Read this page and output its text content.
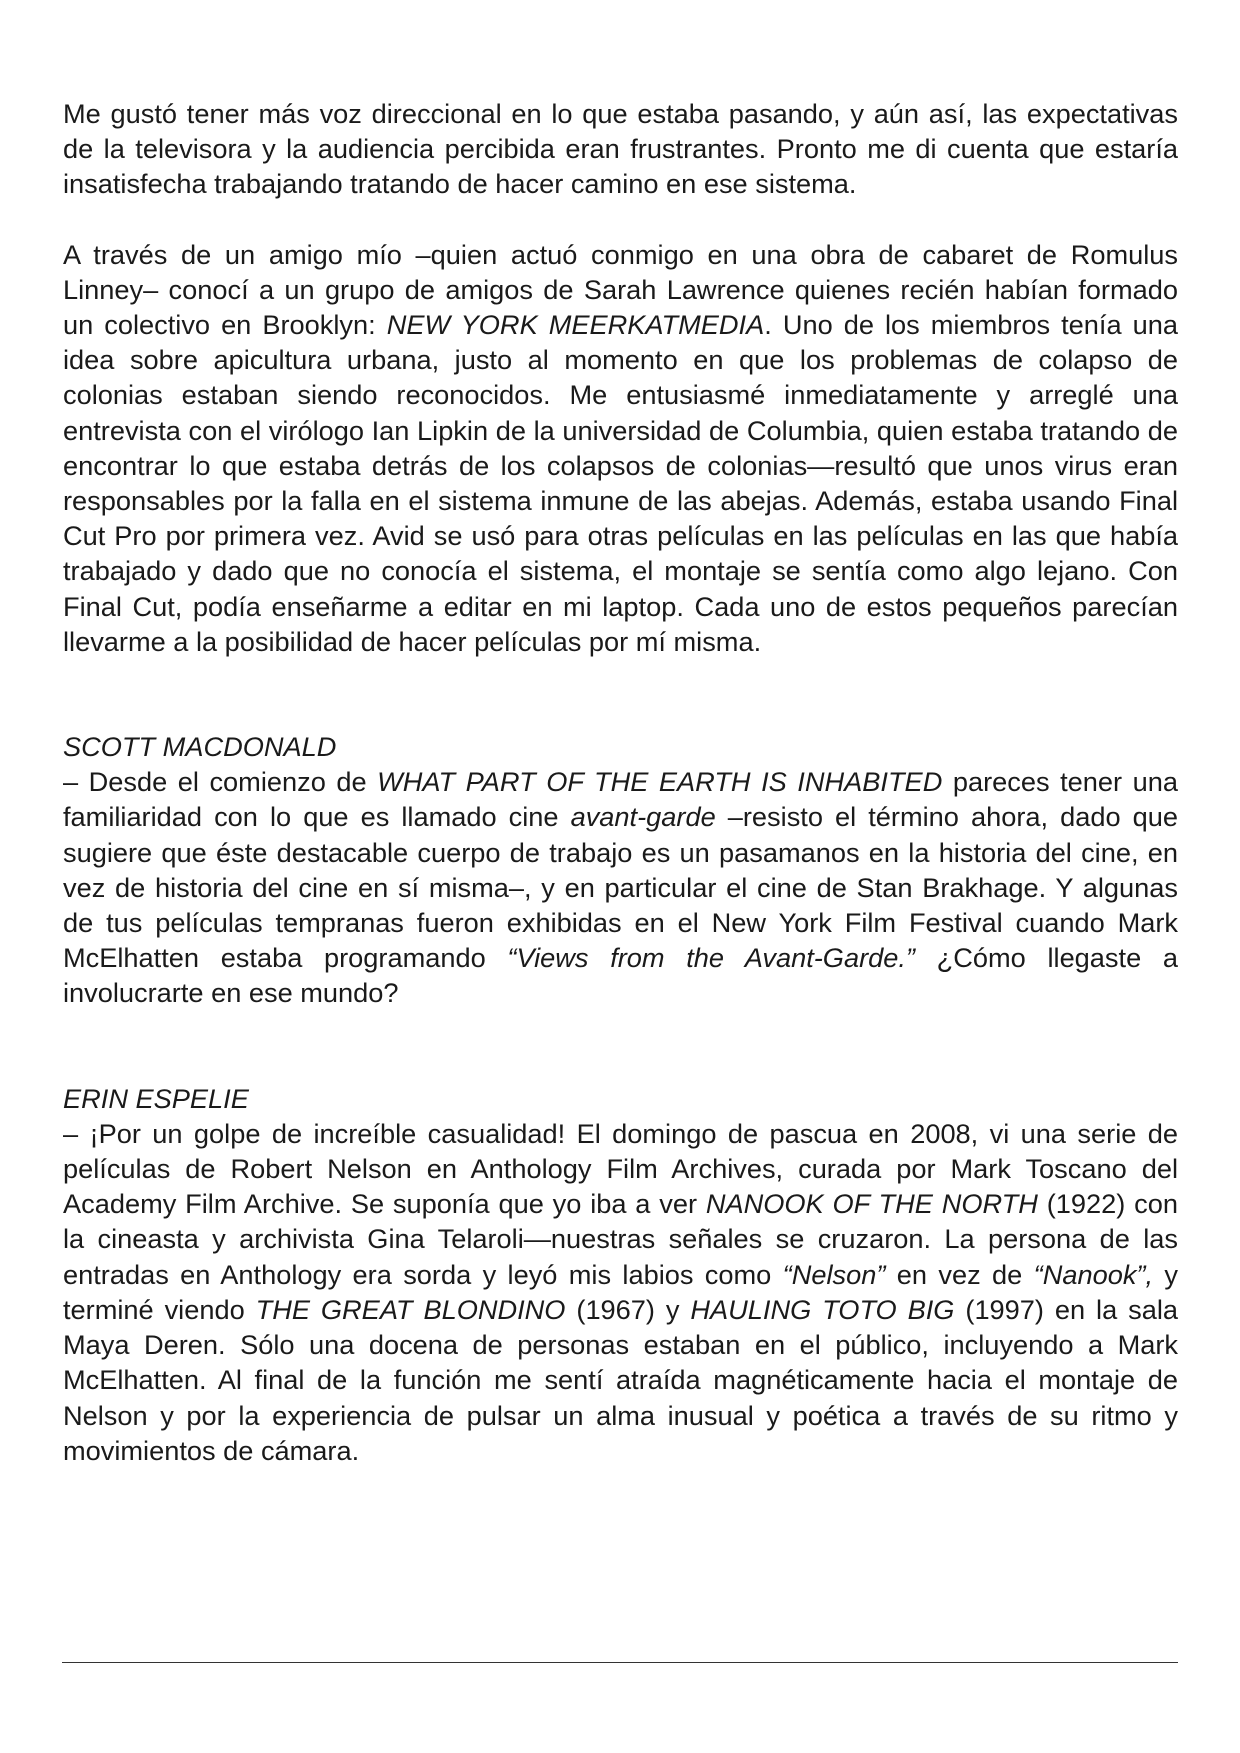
Me gustó tener más voz direccional en lo que estaba pasando, y aún así, las expectativas de la televisora y la audiencia percibida eran frustrantes. Pronto me di cuenta que estaría insatisfecha trabajando tratando de hacer camino en ese sistema.

A través de un amigo mío –quien actuó conmigo en una obra de cabaret de Romulus Linney– conocí a un grupo de amigos de Sarah Lawrence quienes recién habían formado un colectivo en Brooklyn: NEW YORK MEERKATMEDIA. Uno de los miembros tenía una idea sobre apicultura urbana, justo al momento en que los problemas de colapso de colonias estaban siendo reconocidos. Me entusiasmé inmediatamente y arreglé una entrevista con el virólogo Ian Lipkin de la universidad de Columbia, quien estaba tratando de encontrar lo que estaba detrás de los colapsos de colonias—resultó que unos virus eran responsables por la falla en el sistema inmune de las abejas. Además, estaba usando Final Cut Pro por primera vez. Avid se usó para otras películas en las películas en las que había trabajado y dado que no conocía el sistema, el montaje se sentía como algo lejano. Con Final Cut, podía enseñarme a editar en mi laptop. Cada uno de estos pequeños parecían llevarme a la posibilidad de hacer películas por mí misma.

SCOTT MACDONALD

– Desde el comienzo de WHAT PART OF THE EARTH IS INHABITED pareces tener una familiaridad con lo que es llamado cine avant-garde –resisto el término ahora, dado que sugiere que éste destacable cuerpo de trabajo es un pasamanos en la historia del cine, en vez de historia del cine en sí misma–, y en particular el cine de Stan Brakhage. Y algunas de tus películas tempranas fueron exhibidas en el New York Film Festival cuando Mark McElhatten estaba programando “Views from the Avant-Garde.” ¿Cómo llegaste a involucrarte en ese mundo?

ERIN ESPELIE

– ¡Por un golpe de increíble casualidad! El domingo de pascua en 2008, vi una serie de películas de Robert Nelson en Anthology Film Archives, curada por Mark Toscano del Academy Film Archive. Se suponía que yo iba a ver NANOOK OF THE NORTH (1922) con la cineasta y archivista Gina Telaroli—nuestras señales se cruzaron. La persona de las entradas en Anthology era sorda y leyó mis labios como “Nelson” en vez de “Nanook”, y terminé viendo THE GREAT BLONDINO (1967) y HAULING TOTO BIG (1997) en la sala Maya Deren. Sólo una docena de personas estaban en el público, incluyendo a Mark McElhatten. Al final de la función me sentí atraída magnéticamente hacia el montaje de Nelson y por la experiencia de pulsar un alma inusual y poética a través de su ritmo y movimientos de cámara.
